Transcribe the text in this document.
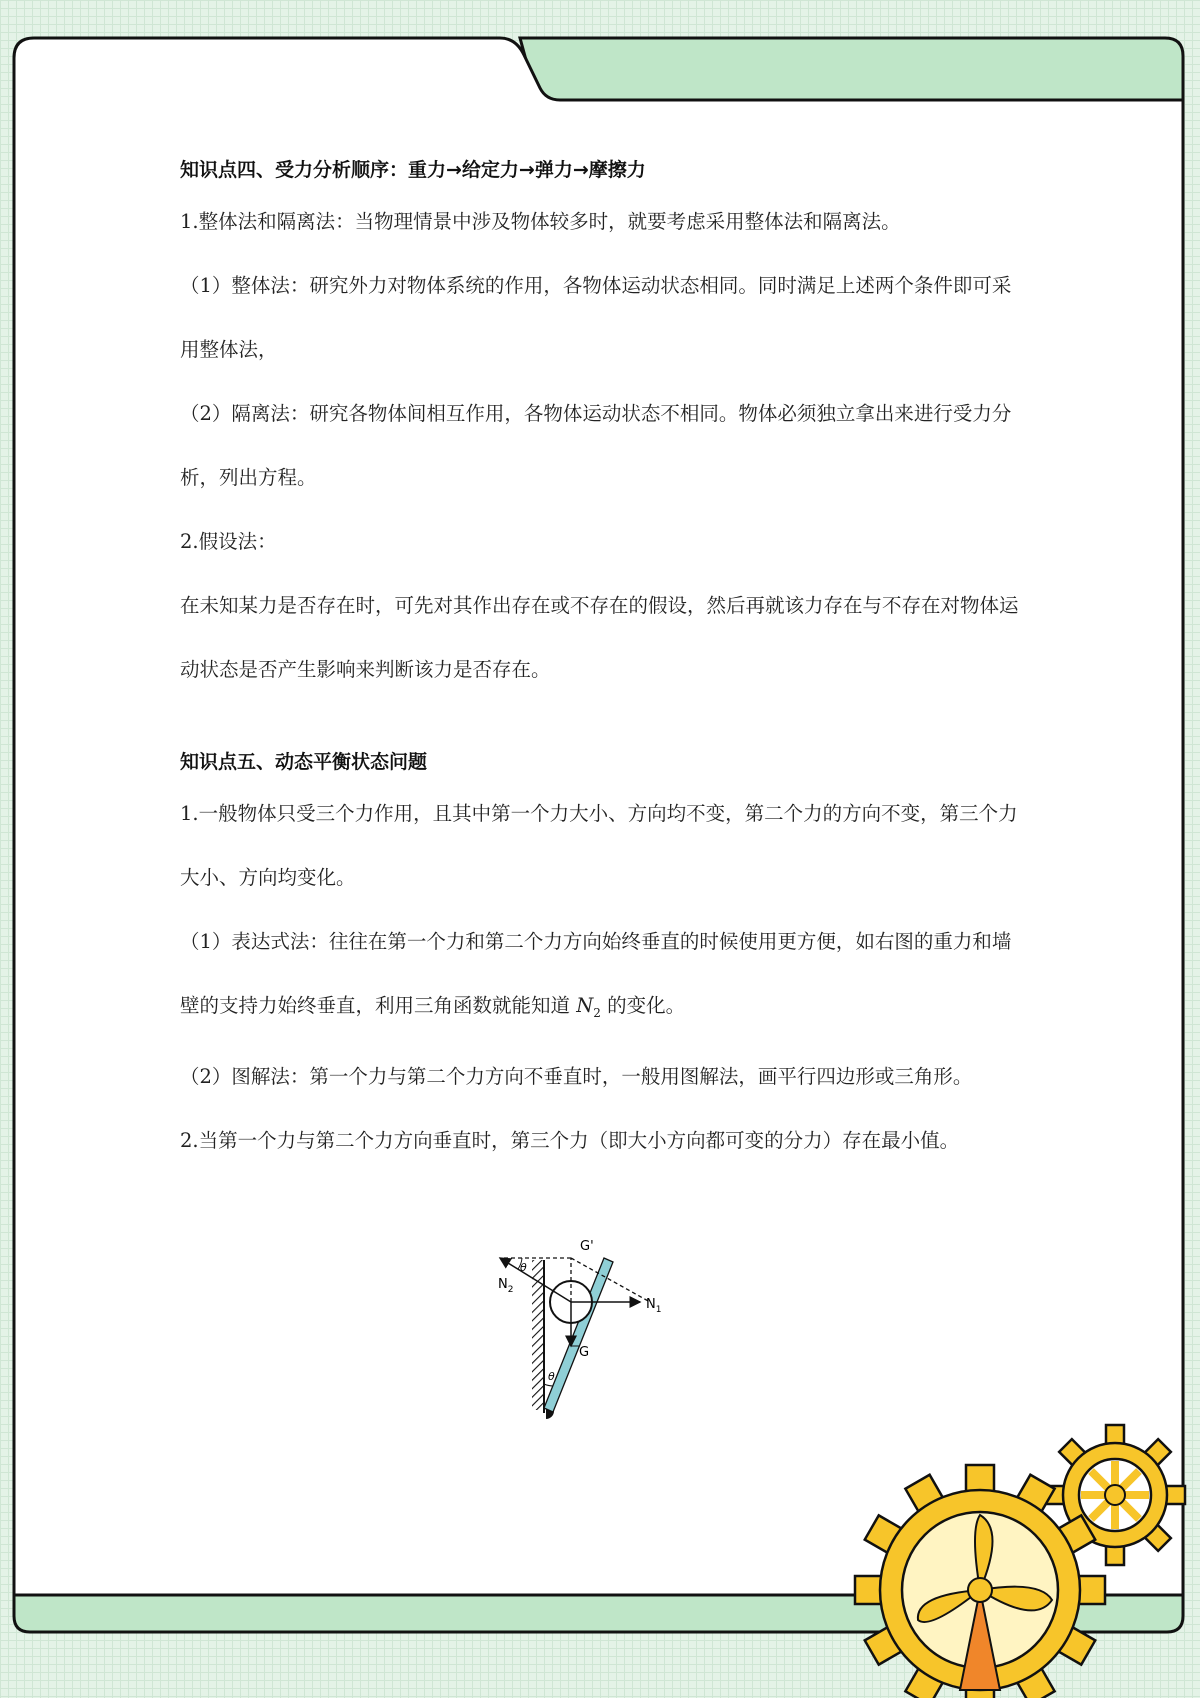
知识点四、受力分析顺序：重力→给定力→弹力→摩擦力

1.整体法和隔离法：当物理情景中涉及物体较多时，就要考虑采用整体法和隔离法。

（1）整体法：研究外力对物体系统的作用，各物体运动状态相同。同时满足上述两个条件即可采用整体法，

（2）隔离法：研究各物体间相互作用，各物体运动状态不相同。物体必须独立拿出来进行受力分析，列出方程。

2.假设法：

在未知某力是否存在时，可先对其作出存在或不存在的假设，然后再就该力存在与不存在对物体运动状态是否产生影响来判断该力是否存在。

知识点五、动态平衡状态问题

1.一般物体只受三个力作用，且其中第一个力大小、方向均不变，第二个力的方向不变，第三个力大小、方向均变化。

（1）表达式法：往往在第一个力和第二个力方向始终垂直的时候使用更方便，如右图的重力和墙壁的支持力始终垂直，利用三角函数就能知道 $N_2$ 的变化。

（2）图解法：第一个力与第二个力方向不垂直时，一般用图解法，画平行四边形或三角形。

2.当第一个力与第二个力方向垂直时，第三个力（即大小方向都可变的分力）存在最小值。

G'
G
$N_1$
$N_2$
θ
θ
